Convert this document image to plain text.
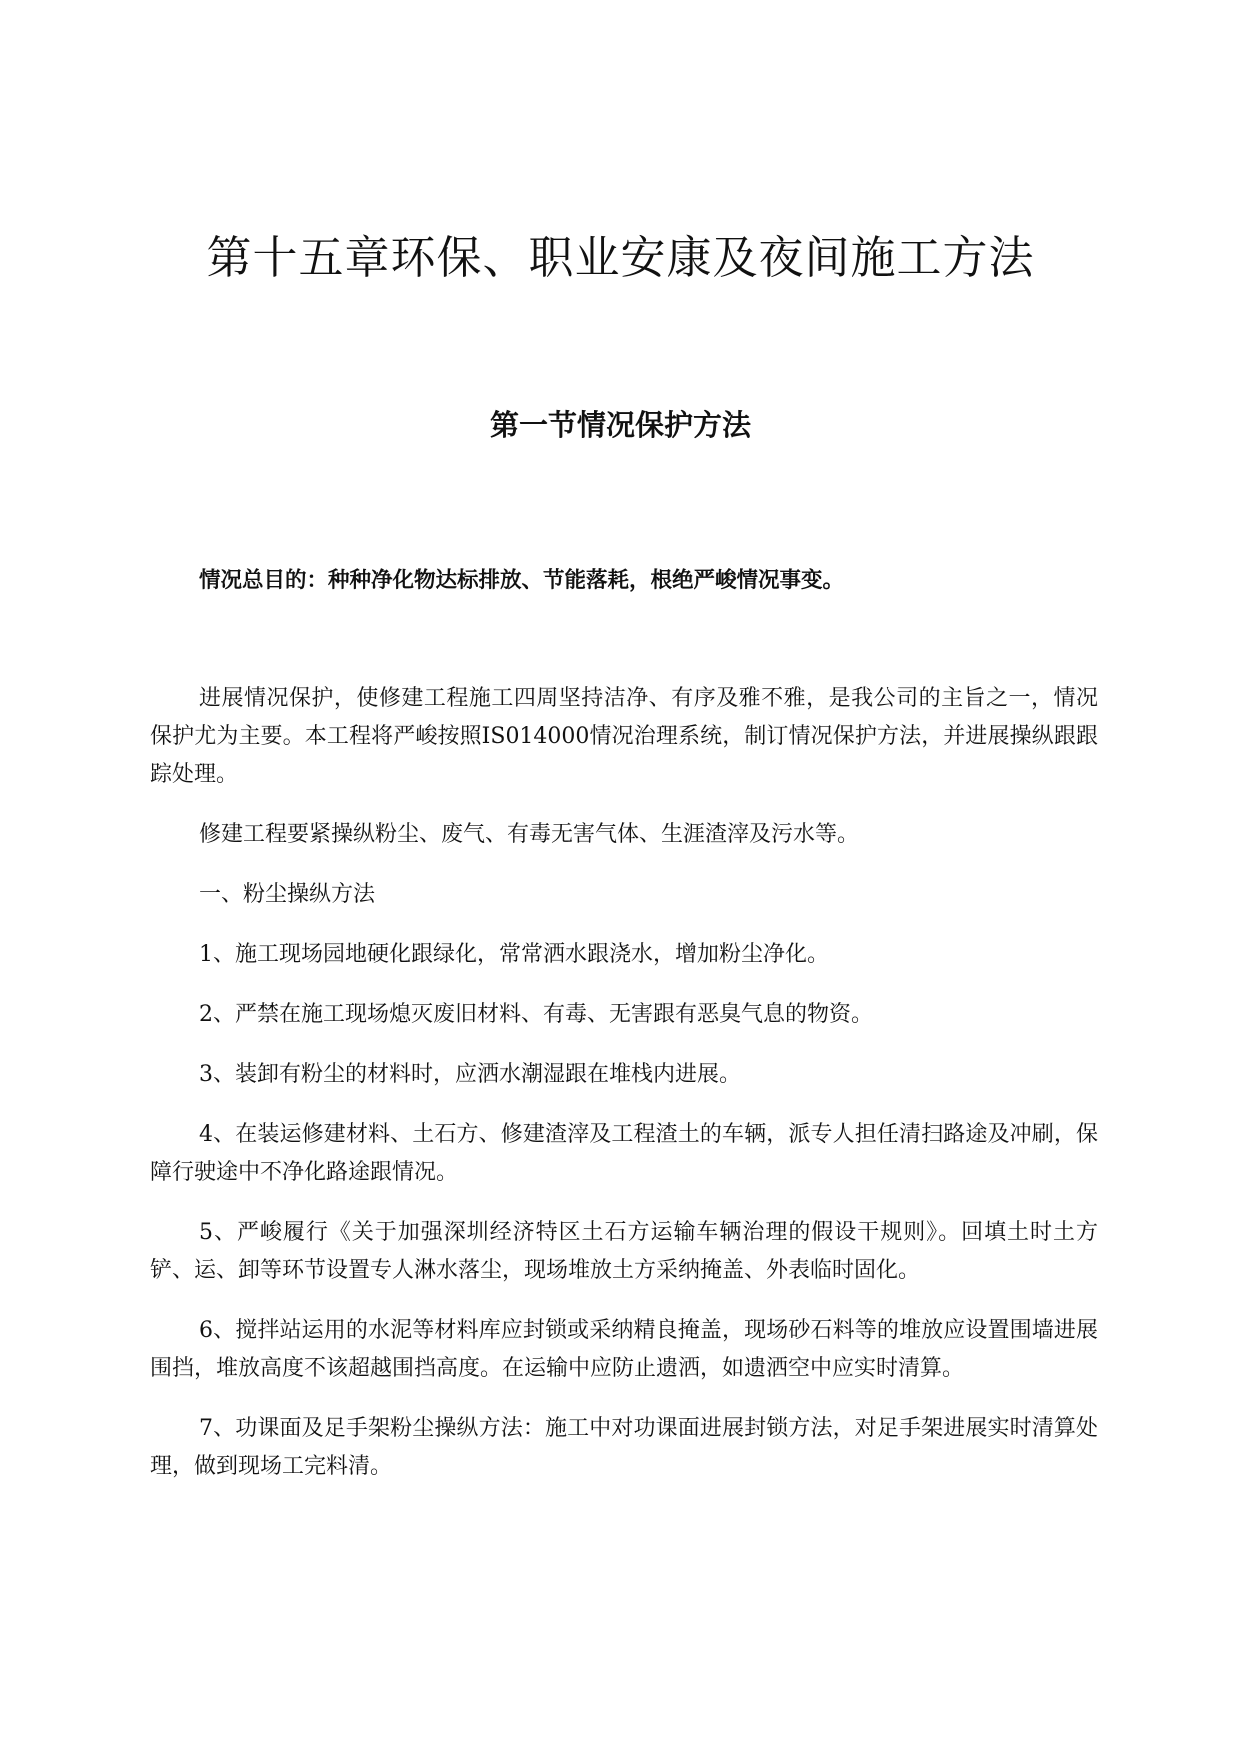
第十五章环保、职业安康及夜间施工方法
第一节情况保护方法

情况总目的：种种净化物达标排放、节能落耗，根绝严峻情况事变。

进展情况保护，使修建工程施工四周坚持洁净、有序及雅不雅，是我公司的主旨之一，情况保护尤为主要。本工程将严峻按照IS014000情况治理系统，制订情况保护方法，并进展操纵跟跟踪处理。

修建工程要紧操纵粉尘、废气、有毒无害气体、生涯渣滓及污水等。

一、粉尘操纵方法

1、施工现场园地硬化跟绿化，常常洒水跟浇水，增加粉尘净化。

2、严禁在施工现场熄灭废旧材料、有毒、无害跟有恶臭气息的物资。

3、装卸有粉尘的材料时，应洒水潮湿跟在堆栈内进展。

4、在装运修建材料、土石方、修建渣滓及工程渣土的车辆，派专人担任清扫路途及冲刷，保障行驶途中不净化路途跟情况。

5、严峻履行《关于加强深圳经济特区土石方运输车辆治理的假设干规则》。回填土时土方铲、运、卸等环节设置专人淋水落尘，现场堆放土方采纳掩盖、外表临时固化。

6、搅拌站运用的水泥等材料库应封锁或采纳精良掩盖，现场砂石料等的堆放应设置围墙进展围挡，堆放高度不该超越围挡高度。在运输中应防止遗洒，如遗洒空中应实时清算。

7、功课面及足手架粉尘操纵方法：施工中对功课面进展封锁方法，对足手架进展实时清算处理，做到现场工完料清。
